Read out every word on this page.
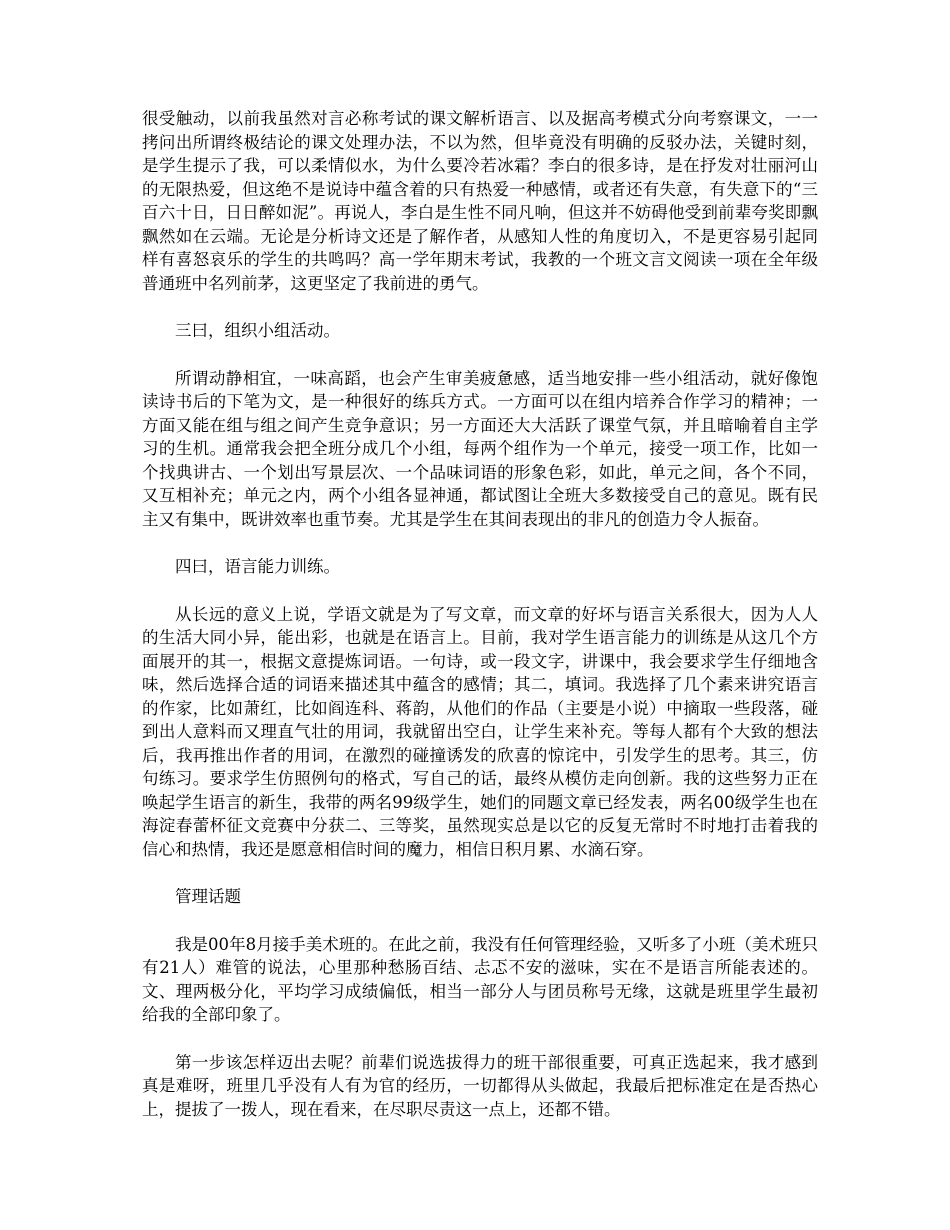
很受触动，以前我虽然对言必称考试的课文解析语言、以及据高考模式分向考察课文，一一拷问出所谓终极结论的课文处理办法，不以为然，但毕竟没有明确的反驳办法，关键时刻，是学生提示了我，可以柔情似水，为什么要冷若冰霜？李白的很多诗，是在抒发对壮丽河山的无限热爱，但这绝不是说诗中蕴含着的只有热爱一种感情，或者还有失意，有失意下的“三百六十日，日日醉如泥”。再说人，李白是生性不同凡响，但这并不妨碍他受到前辈夸奖即飘飘然如在云端。无论是分析诗文还是了解作者，从感知人性的角度切入，不是更容易引起同样有喜怒哀乐的学生的共鸣吗？高一学年期末考试，我教的一个班文言文阅读一项在全年级普通班中名列前茅，这更坚定了我前进的勇气。

三曰，组织小组活动。

所谓动静相宜，一味高蹈，也会产生审美疲惫感，适当地安排一些小组活动，就好像饱读诗书后的下笔为文，是一种很好的练兵方式。一方面可以在组内培养合作学习的精神；一方面又能在组与组之间产生竞争意识；另一方面还大大活跃了课堂气氛，并且暗喻着自主学习的生机。通常我会把全班分成几个小组，每两个组作为一个单元，接受一项工作，比如一个找典讲古、一个划出写景层次、一个品味词语的形象色彩，如此，单元之间，各个不同，又互相补充；单元之内，两个小组各显神通，都试图让全班大多数接受自己的意见。既有民主又有集中，既讲效率也重节奏。尤其是学生在其间表现出的非凡的创造力令人振奋。

四曰，语言能力训练。

从长远的意义上说，学语文就是为了写文章，而文章的好坏与语言关系很大，因为人人的生活大同小异，能出彩，也就是在语言上。目前，我对学生语言能力的训练是从这几个方面展开的其一，根据文意提炼词语。一句诗，或一段文字，讲课中，我会要求学生仔细地含味，然后选择合适的词语来描述其中蕴含的感情；其二，填词。我选择了几个素来讲究语言的作家，比如萧红，比如阎连科、蒋韵，从他们的作品（主要是小说）中摘取一些段落，碰到出人意料而又理直气壮的用词，我就留出空白，让学生来补充。等每人都有个大致的想法后，我再推出作者的用词，在激烈的碰撞诱发的欣喜的惊诧中，引发学生的思考。其三，仿句练习。要求学生仿照例句的格式，写自己的话，最终从模仿走向创新。我的这些努力正在唤起学生语言的新生，我带的两名99级学生，她们的同题文章已经发表，两名00级学生也在海淀春蕾杯征文竞赛中分获二、三等奖，虽然现实总是以它的反复无常时不时地打击着我的信心和热情，我还是愿意相信时间的魔力，相信日积月累、水滴石穿。

管理话题

我是00年8月接手美术班的。在此之前，我没有任何管理经验，又听多了小班（美术班只有21人）难管的说法，心里那种愁肠百结、忐忑不安的滋味，实在不是语言所能表述的。文、理两极分化，平均学习成绩偏低，相当一部分人与团员称号无缘，这就是班里学生最初给我的全部印象了。

第一步该怎样迈出去呢？前辈们说选拔得力的班干部很重要，可真正选起来，我才感到真是难呀，班里几乎没有人有为官的经历，一切都得从头做起，我最后把标准定在是否热心上，提拔了一拨人，现在看来，在尽职尽责这一点上，还都不错。
